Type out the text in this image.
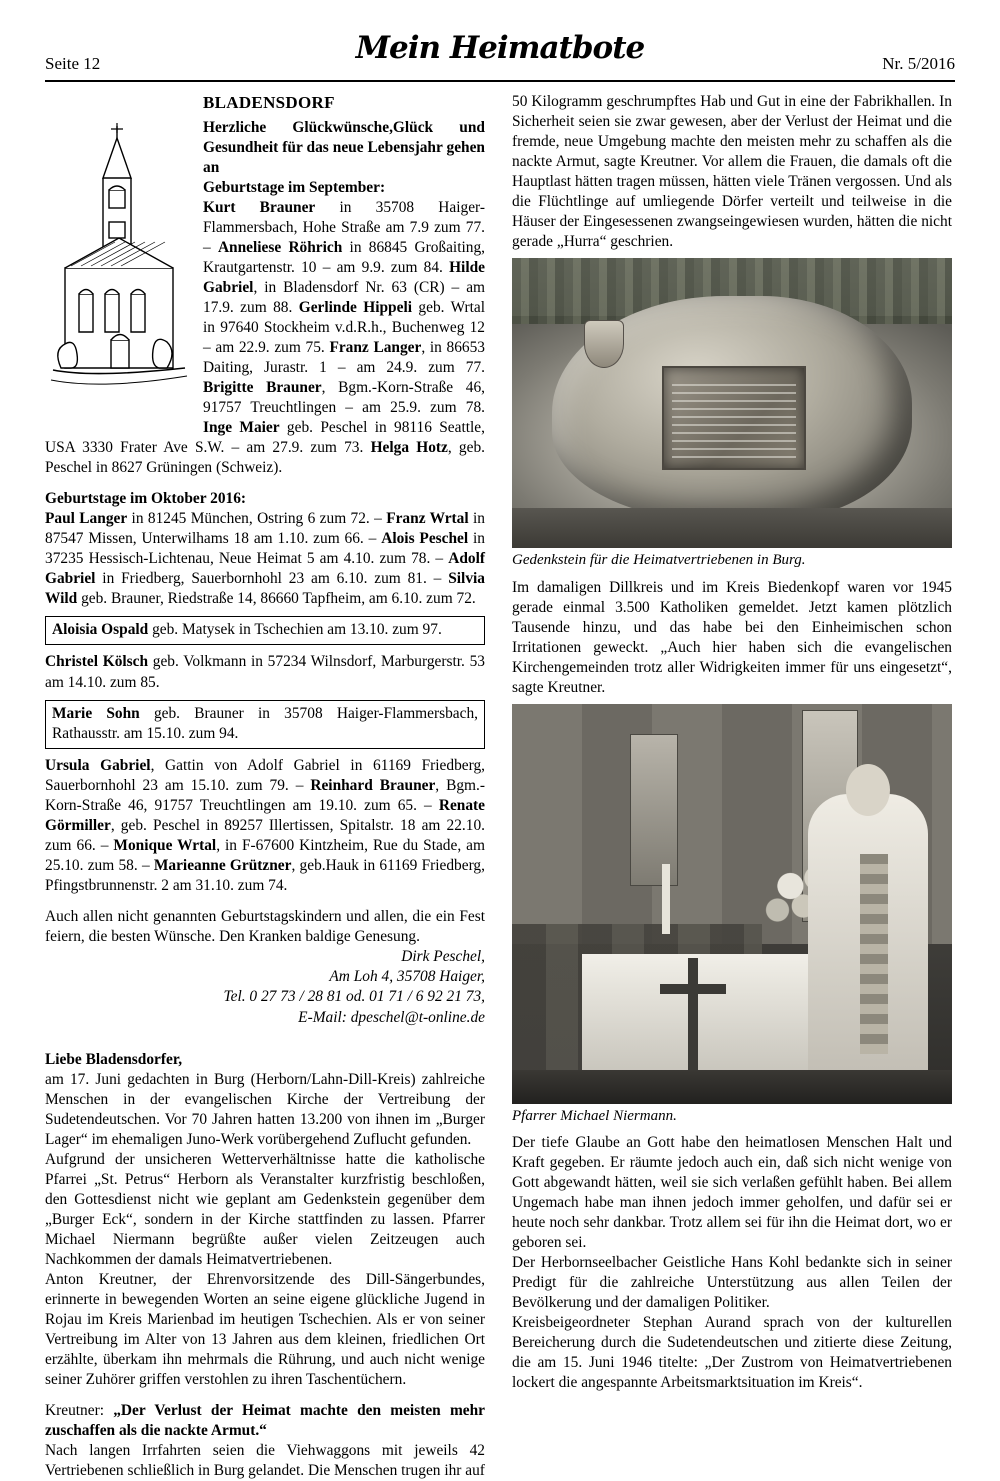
Seite 12	Mein Heimatbote	Nr. 5/2016
BLADENSDORF

Herzliche Glückwünsche,Glück und Gesundheit für das neue Lebensjahr gehen an

Geburtstage im September:

Kurt Brauner in 35708 Haiger-Flammersbach, Hohe Straße am 7.9 zum 77. – Anneliese Röhrich in 86845 Großaiting, Krautgartenstr. 10 – am 9.9. zum 84. Hilde Gabriel, in Bladensdorf Nr. 63 (CR) – am 17.9. zum 88. Gerlinde Hippeli geb. Wrtal in 97640 Stockheim v.d.R.h., Buchenweg 12 – am 22.9. zum 75. Franz Langer, in 86653 Daiting, Jurastr. 1 – am 24.9. zum 77. Brigitte Brauner, Bgm.-Korn-Straße 46, 91757 Treuchtlingen – am 25.9. zum 78. Inge Maier geb. Peschel in 98116 Seattle, USA 3330 Frater Ave S.W. – am 27.9. zum 73. Helga Hotz, geb. Peschel in 8627 Grüningen (Schweiz).

Geburtstage im Oktober 2016:

Paul Langer in 81245 München, Ostring 6 zum 72. – Franz Wrtal in 87547 Missen, Unterwilhams 18 am 1.10. zum 66. – Alois Peschel in 37235 Hessisch-Lichtenau, Neue Heimat 5 am 4.10. zum 78. – Adolf Gabriel in Friedberg, Sauerbornhohl 23 am 6.10. zum 81. – Silvia Wild geb. Brauner, Riedstraße 14, 86660 Tapfheim, am 6.10. zum 72.

Aloisia Ospald geb. Matysek in Tschechien am 13.10. zum 97.

Christel Kölsch geb. Volkmann in 57234 Wilnsdorf, Marburgerstr. 53 am 14.10. zum 85.

Marie Sohn geb. Brauner in 35708 Haiger-Flammersbach, Rathausstr. am 15.10. zum 94.

Ursula Gabriel, Gattin von Adolf Gabriel in 61169 Friedberg, Sauerbornhohl 23 am 15.10. zum 79. – Reinhard Brauner, Bgm.-Korn-Straße 46, 91757 Treuchtlingen am 19.10. zum 65. – Renate Görmiller, geb. Peschel in 89257 Illertissen, Spitalstr. 18 am 22.10. zum 66. – Monique Wrtal, in F-67600 Kintzheim, Rue du Stade, am 25.10. zum 58. – Marieanne Grützner, geb.Hauk in 61169 Friedberg, Pfingstbrunnenstr. 2 am 31.10. zum 74.

Auch allen nicht genannten Geburtstagskindern und allen, die ein Fest feiern, die besten Wünsche. Den Kranken baldige Genesung.

Dirk Peschel,
Am Loh 4, 35708 Haiger,
Tel. 0 27 73 / 28 81 od. 01 71 / 6 92 21 73,
E-Mail: dpeschel@t-online.de

Liebe Bladensdorfer,

am 17. Juni gedachten in Burg (Herborn/Lahn-Dill-Kreis) zahlreiche Menschen in der evangelischen Kirche der Vertreibung der Sudetendeutschen. Vor 70 Jahren hatten 13.200 von ihnen im „Burger Lager“ im ehemaligen Juno-Werk vorübergehend Zuflucht gefunden.

Aufgrund der unsicheren Wetterverhältnisse hatte die katholische Pfarrei „St. Petrus“ Herborn als Veranstalter kurzfristig beschloßen, den Gottesdienst nicht wie geplant am Gedenkstein gegenüber dem „Burger Eck“, sondern in der Kirche stattfinden zu lassen. Pfarrer Michael Niermann begrüßte außer vielen Zeitzeugen auch Nachkommen der damals Heimatvertriebenen.

Anton Kreutner, der Ehrenvorsitzende des Dill-Sängerbundes, erinnerte in bewegenden Worten an seine eigene glückliche Jugend in Rojau im Kreis Marienbad im heutigen Tschechien. Als er von seiner Vertreibung im Alter von 13 Jahren aus dem kleinen, friedlichen Ort erzählte, überkam ihn mehrmals die Rührung, und auch nicht wenige seiner Zuhörer griffen verstohlen zu ihren Taschentüchern.

Kreutner: „Der Verlust der Heimat machte den meisten mehr zuschaffen als die nackte Armut.“

Nach langen Irrfahrten seien die Viehwaggons mit jeweils 42 Vertriebenen schließlich in Burg gelandet. Die Menschen trugen ihr auf

50 Kilogramm geschrumpftes Hab und Gut in eine der Fabrikhallen. In Sicherheit seien sie zwar gewesen, aber der Verlust der Heimat und die fremde, neue Umgebung machte den meisten mehr zu schaffen als die nackte Armut, sagte Kreutner. Vor allem die Frauen, die damals oft die Hauptlast hätten tragen müssen, hätten viele Tränen vergossen. Und als die Flüchtlinge auf umliegende Dörfer verteilt und teilweise in die Häuser der Eingesessenen zwangseingewiesen wurden, hätten die nicht gerade „Hurra“ geschrien.

Gedenkstein für die Heimatvertriebenen in Burg.

Im damaligen Dillkreis und im Kreis Biedenkopf waren vor 1945 gerade einmal 3.500 Katholiken gemeldet. Jetzt kamen plötzlich Tausende hinzu, und das habe bei den Einheimischen schon Irritationen geweckt. „Auch hier haben sich die evangelischen Kirchengemeinden trotz aller Widrigkeiten immer für uns eingesetzt“, sagte Kreutner.

Pfarrer Michael Niermann.

Der tiefe Glaube an Gott habe den heimatlosen Menschen Halt und Kraft gegeben. Er räumte jedoch auch ein, daß sich nicht wenige von Gott abgewandt hätten, weil sie sich verlaßen gefühlt haben. Bei allem Ungemach habe man ihnen jedoch immer geholfen, und dafür sei er heute noch sehr dankbar. Trotz allem sei für ihn die Heimat dort, wo er geboren sei.

Der Herbornseelbacher Geistliche Hans Kohl bedankte sich in seiner Predigt für die zahlreiche Unterstützung aus allen Teilen der Bevölkerung und der damaligen Politiker.

Kreisbeigeordneter Stephan Aurand sprach von der kulturellen Bereicherung durch die Sudetendeutschen und zitierte diese Zeitung, die am 15. Juni 1946 titelte: „Der Zustrom von Heimatvertriebenen lockert die angespannte Arbeitsmarktsituation im Kreis“.
